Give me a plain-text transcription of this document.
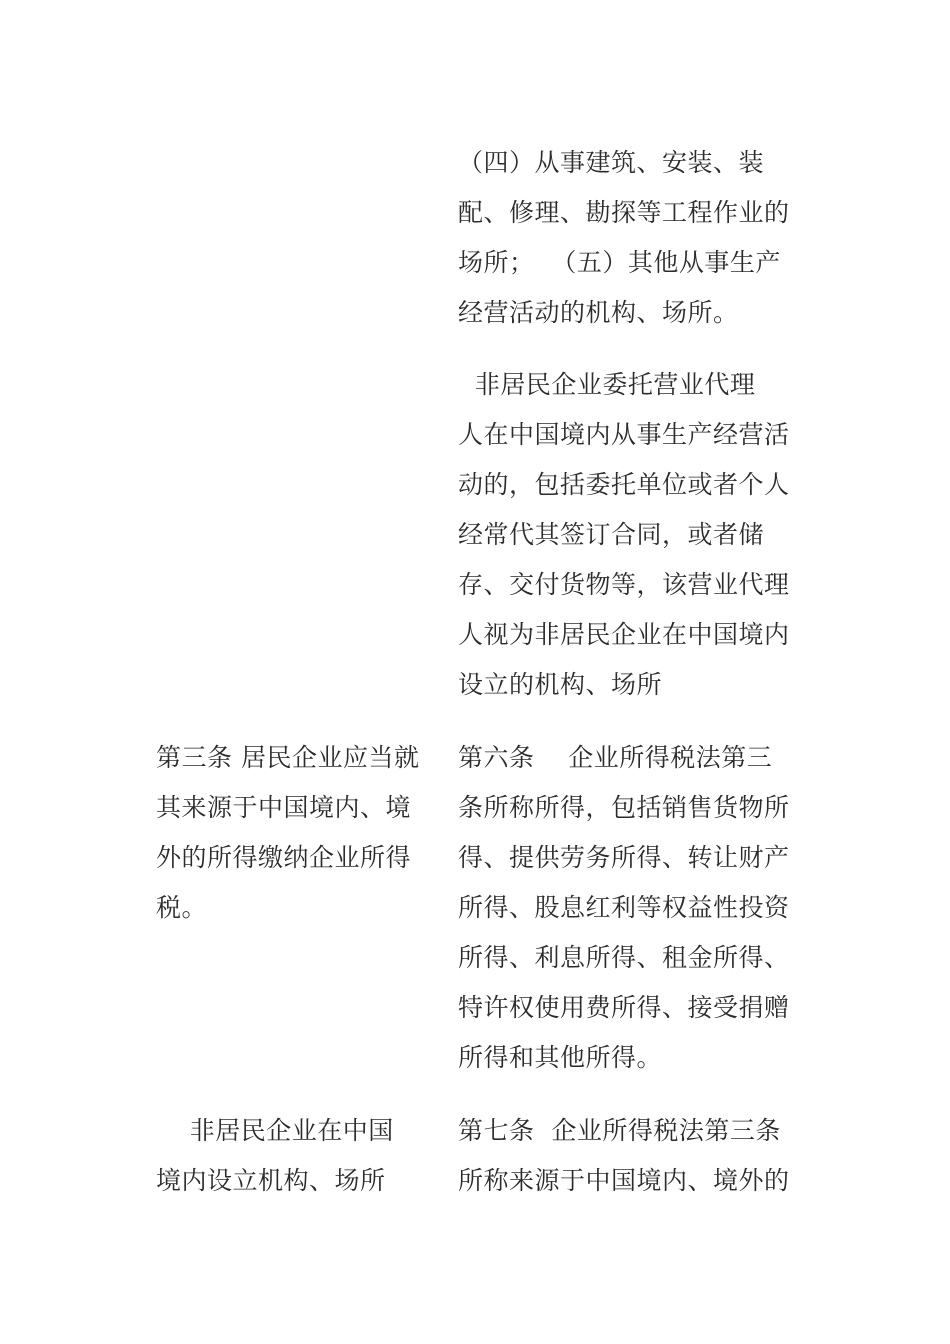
（四）从事建筑、安装、装
配、修理、勘探等工程作业的
场所；  （五）其他从事生产
经营活动的机构、场所。
非居民企业委托营业代理
人在中国境内从事生产经营活
动的，包括委托单位或者个人
经常代其签订合同，或者储
存、交付货物等，该营业代理
人视为非居民企业在中国境内
设立的机构、场所
第三条 居民企业应当就
其来源于中国境内、境
外的所得缴纳企业所得
税。
第六条    企业所得税法第三
条所称所得，包括销售货物所
得、提供劳务所得、转让财产
所得、股息红利等权益性投资
所得、利息所得、租金所得、
特许权使用费所得、接受捐赠
所得和其他所得。
非居民企业在中国
境内设立机构、场所
第七条  企业所得税法第三条
所称来源于中国境内、境外的
